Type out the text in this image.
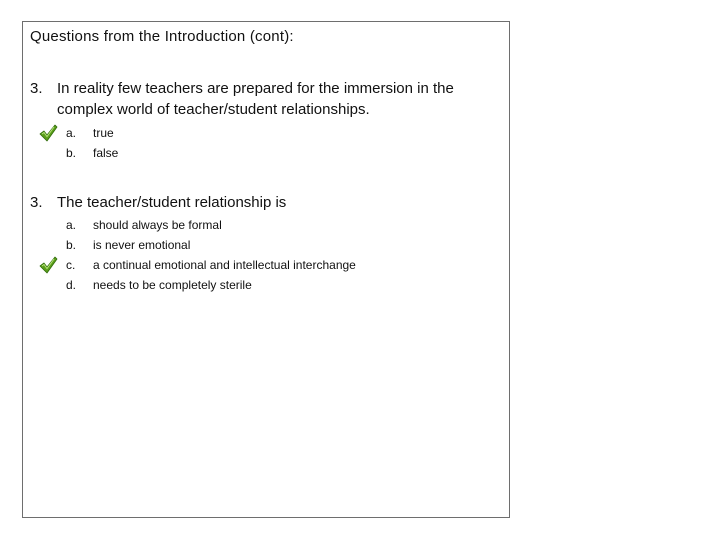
Questions from the Introduction (cont):
3. In reality few teachers are prepared for the immersion in the complex world of teacher/student relationships.
a.	true
b.	false
3. The teacher/student relationship is
a.	should always be formal
b.	is never emotional
c.	a continual emotional and intellectual interchange
d.	needs to be completely sterile
